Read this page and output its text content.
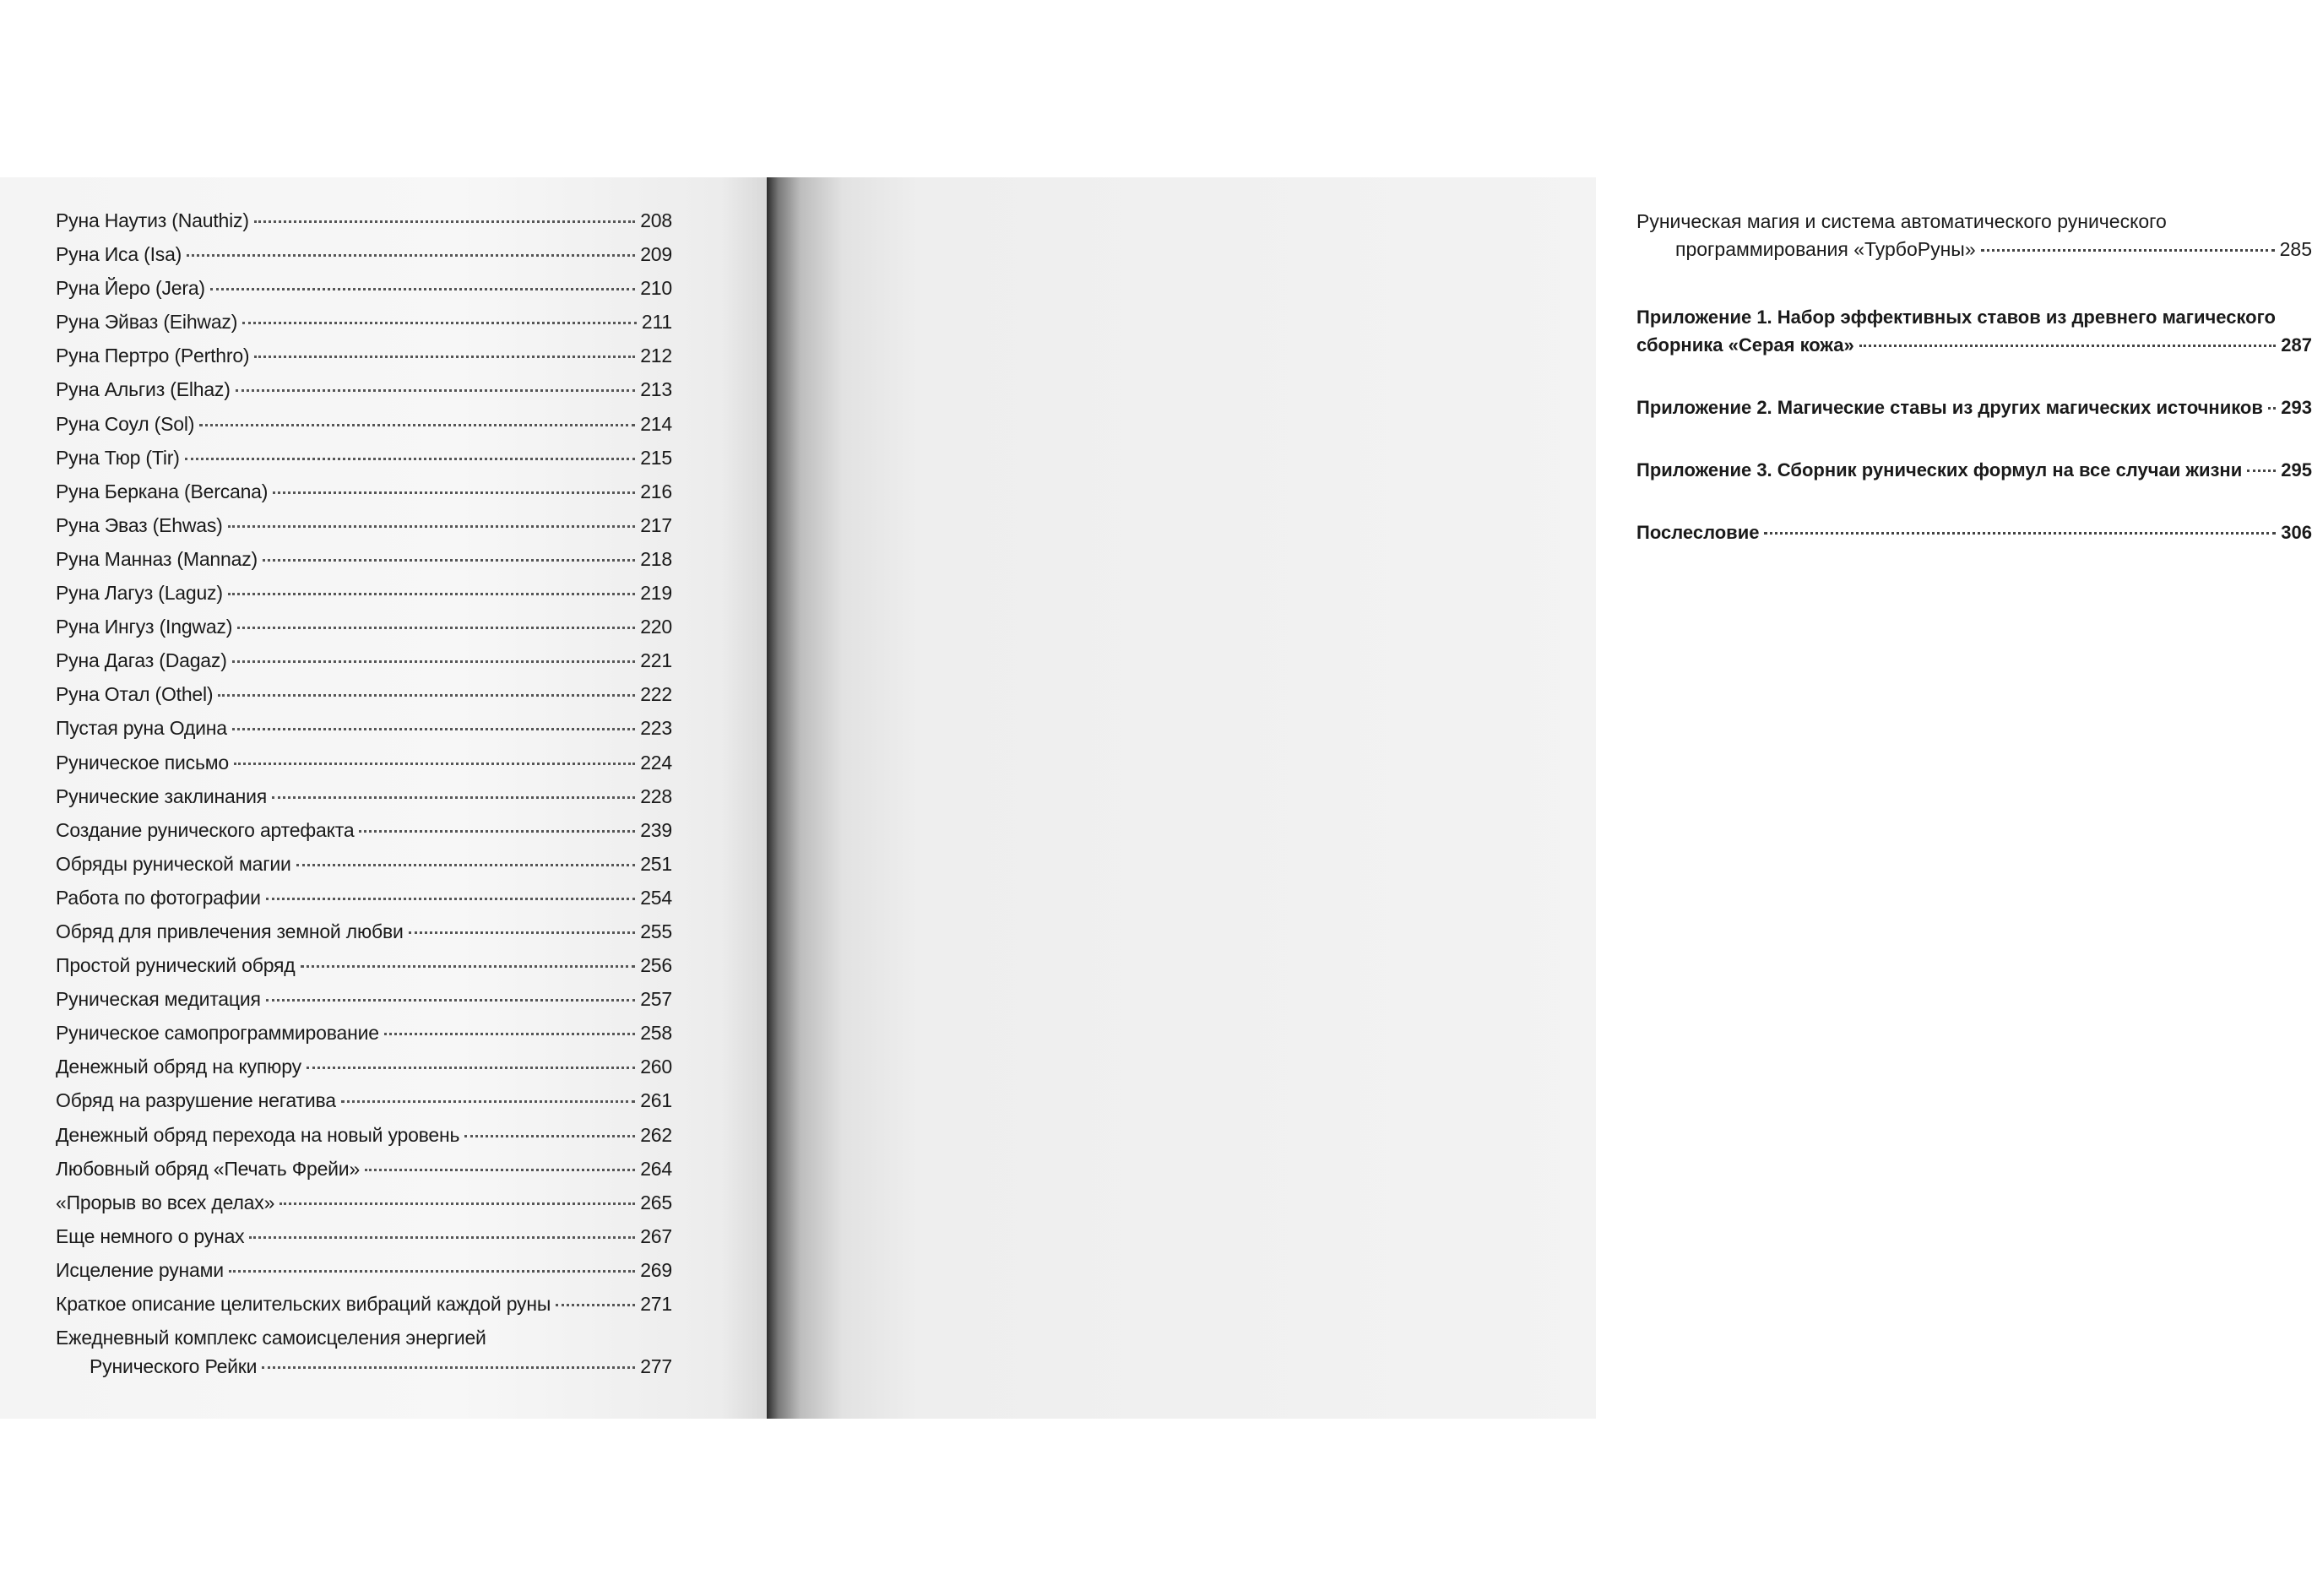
Руна Наутиз (Nauthiz)	208
Руна Иса (Isa)	209
Руна Йеро (Jera)	210
Руна Эйваз (Eihwaz)	211
Руна Пертро (Perthro)	212
Руна Альгиз (Elhaz)	213
Руна Соул (Sol)	214
Руна Тюр (Tir)	215
Руна Беркана (Bercana)	216
Руна Эваз (Ehwas)	217
Руна Манназ (Mannaz)	218
Руна Лагуз (Laguz)	219
Руна Ингуз (Ingwaz)	220
Руна Дагаз (Dagaz)	221
Руна Отал (Othel)	222
Пустая руна Одина	223
Руническое письмо	224
Рунические заклинания	228
Создание рунического артефакта	239
Обряды рунической магии	251
Работа по фотографии	254
Обряд для привлечения земной любви	255
Простой рунический обряд	256
Руническая медитация	257
Руническое самопрограммирование	258
Денежный обряд на купюру	260
Обряд на разрушение негатива	261
Денежный обряд перехода на новый уровень	262
Любовный обряд «Печать Фрейи»	264
«Прорыв во всех делах»	265
Еще немного о рунах	267
Исцеление рунами	269
Краткое описание целительских вибраций каждой руны	271
Ежедневный комплекс самоисцеления энергией
Рунического Рейки	277
Руническая магия и система автоматического рунического
программирования «ТурбоРуны»	285
Приложение 1. Набор эффективных ставов из древнего магического
сборника «Серая кожа»	287
Приложение 2. Магические ставы из других магических источников 293
Приложение 3. Сборник рунических формул на все случаи жизни 295
Послесловие	306
